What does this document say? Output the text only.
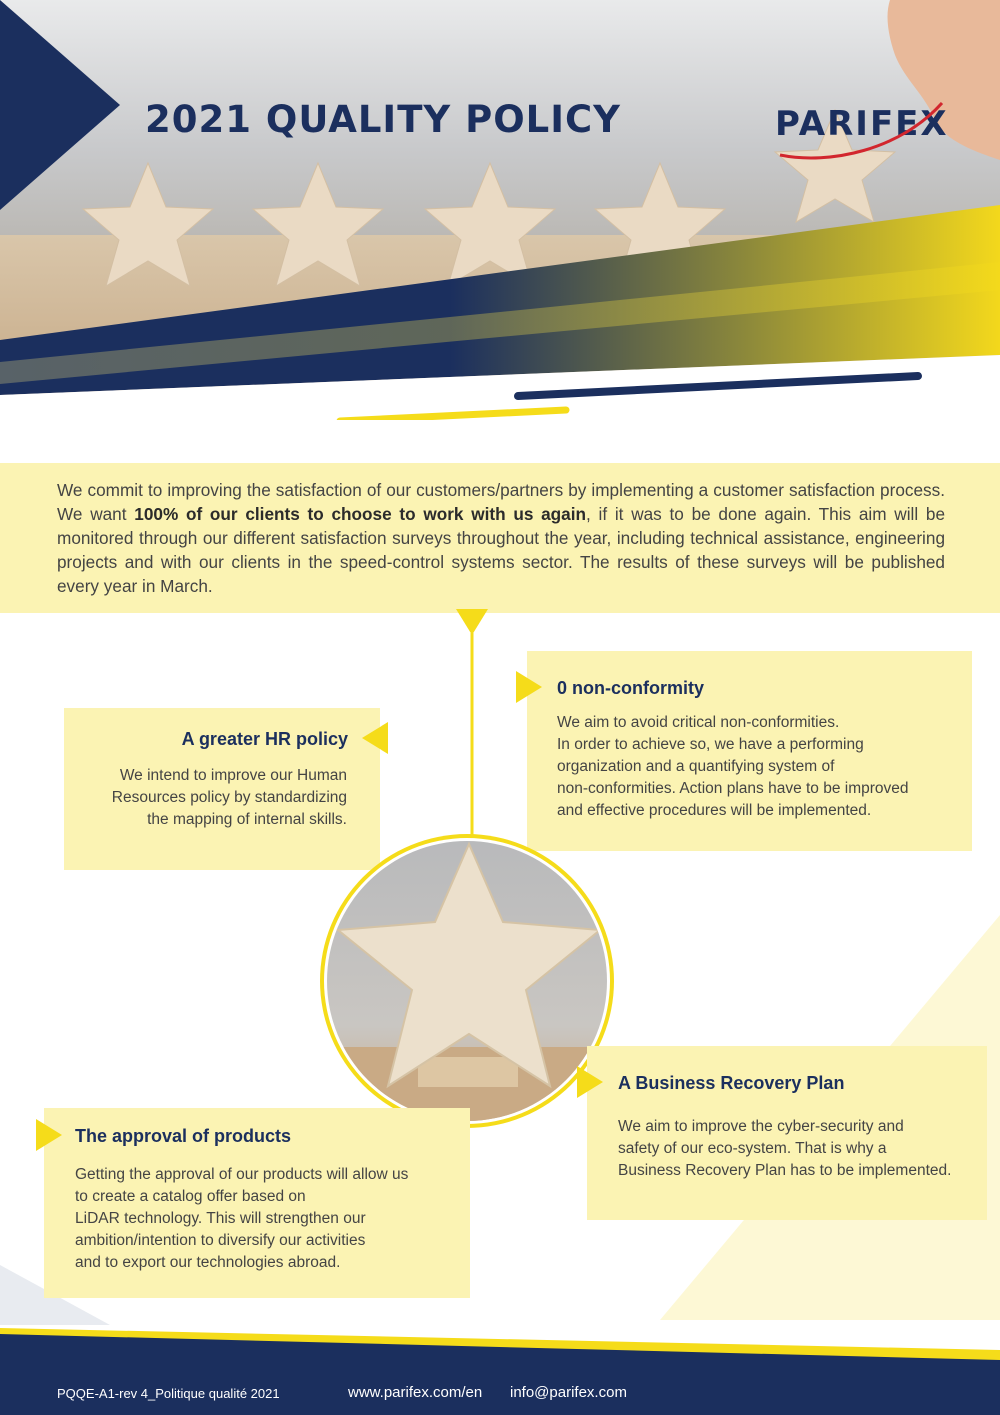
2021 QUALITY POLICY	PARIFEX
We commit to improving the satisfaction of our customers/partners by implementing a customer satisfaction process. We want 100% of our clients to choose to work with us again, if it was to be done again. This aim will be monitored through our different satisfaction surveys throughout the year, including technical assistance, engineering projects and with our clients in the speed-control systems sector. The results of these surveys will be published every year in March.
A greater HR policy

We intend to improve our Human

Resources policy by standardizing

the mapping of internal skills.

0 non-conformity

We aim to avoid critical non-conformities.

In order to achieve so, we have a performing

organization and a quantifying system of

non-conformities. Action plans have to be improved

and effective procedures will be implemented.

A Business Recovery Plan

We aim to improve the cyber-security and

safety of our eco-system. That is why a

Business Recovery Plan has to be implemented.

The approval of products

Getting the approval of our products will allow us

to create a catalog offer based on

LiDAR technology. This will strengthen our

ambition/intention to diversify our activities

and to export our technologies abroad.

PQQE-A1-rev 4_Politique qualité 2021	www.parifex.com/en info@parifex.com
